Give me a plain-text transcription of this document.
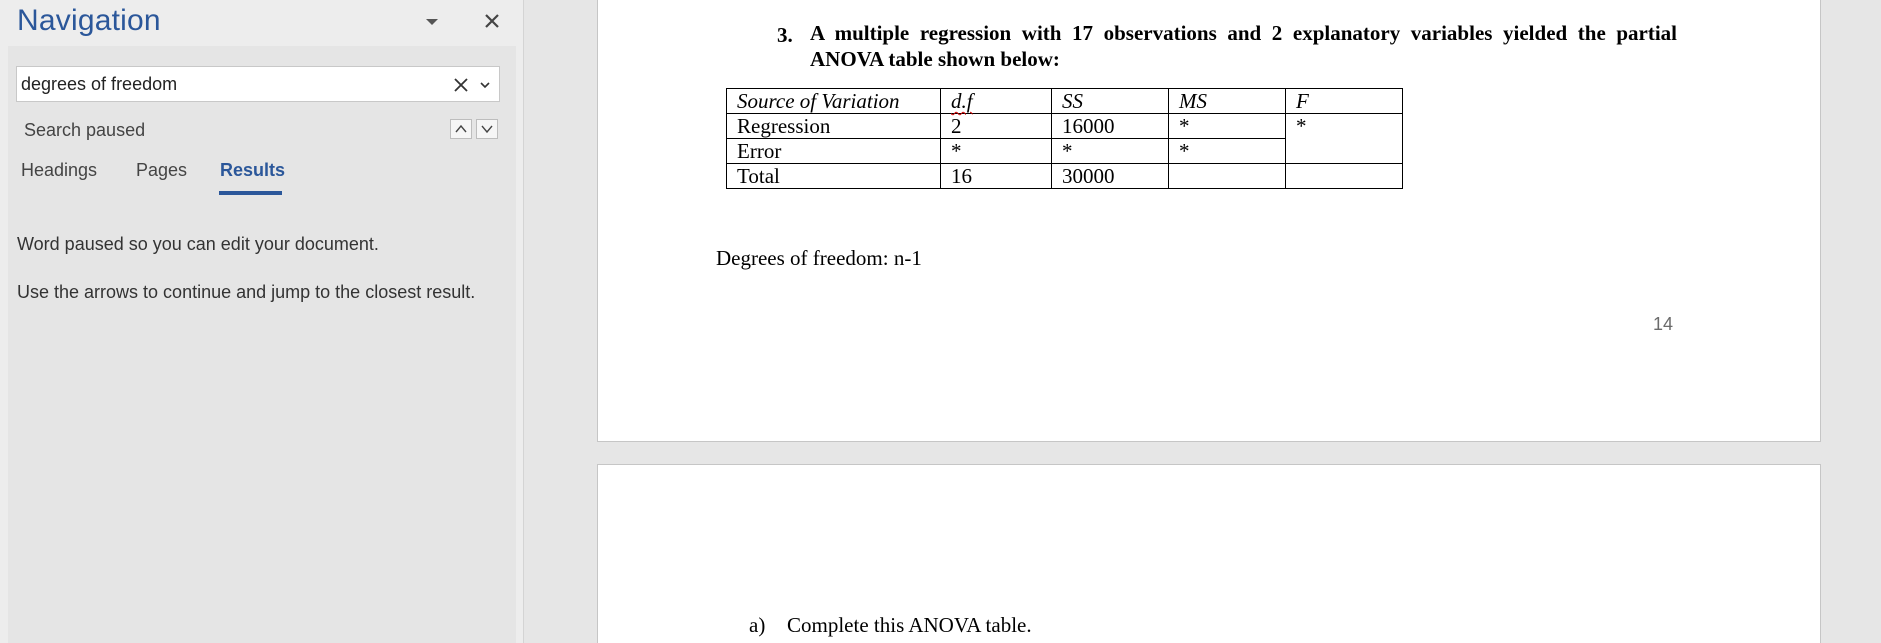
Navigation
degrees of freedom
Search paused
Headings Pages Results
Word paused so you can edit your document.
Use the arrows to continue and jump to the closest result.
3. A multiple regression with 17 observations and 2 explanatory variables yielded the partial ANOVA table shown below:
Source of Variation	d.f	SS	MS	F
Regression	2	16000	*	*
Error	*	*	*	
Total	16	30000		
Degrees of freedom: n-1
14
a) Complete this ANOVA table.
